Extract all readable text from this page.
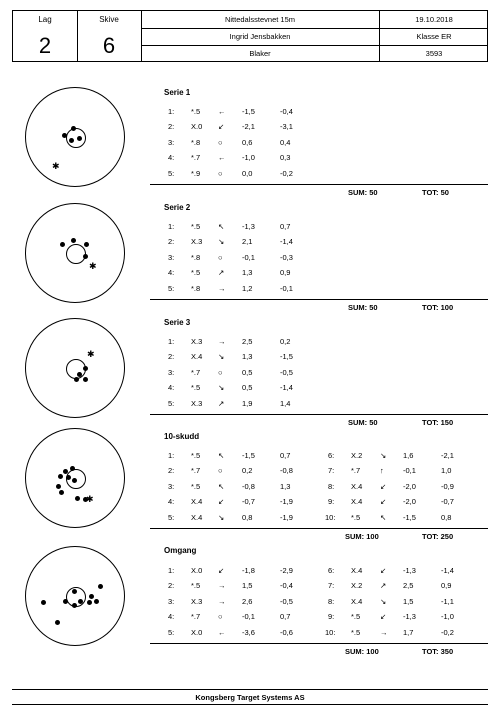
Lag
2
Skive
6
Nittedalsstevnet 15m	19.10.2018
Ingrid Jensbakken	Klasse ER
Blaker	3593
✱
✱
✱
✱
Serie 1
1: *.5 ← -1,5	-0,4
2: X.0 ↙ -2,1	-3,1
3: *.8 ○	0,6	0,4
4: *.7 ← -1,0	0,3
5: *.9 ○	0,0	-0,2
SUM: 50	TOT: 50
Serie 2
1: *.5 ↖ -1,3	0,7
2: X.3 ↘ 2,1	-1,4
3: *.8 ○	-0,1	-0,3
4: *.5 ↗ 1,3	0,9
5: *.8 → 1,2	-0,1
SUM: 50	TOT: 100
Serie 3
1: X.3 → 2,5	0,2
2: X.4 ↘ 1,3	-1,5
3: *.7 ○	0,5	-0,5
4: *.5 ↘ 0,5	-1,4
5: X.3 ↗ 1,9	1,4
SUM: 50	TOT: 150
10-skudd
1: *.5 ↖ -1,5	0,7	6: X.2 ↘ 1,6	-2,1
2: *.7 ○	0,2	-0,8	7: *.7	↑	-0,1	1,0
3: *.5 ↖ -0,8	1,3	8: X.4 ↙ -2,0	-0,9
4: X.4 ↙ -0,7	-1,9	9: X.4 ↙ -2,0	-0,7
5: X.4 ↘ 0,8	-1,9	10: *.5	↖ -1,5	0,8
SUM: 100	TOT: 250
Omgang
1: X.0 ↙ -1,8	-2,9	6: X.4 ↙ -1,3	-1,4
2: *.5 → 1,5	-0,4	7: X.2 ↗ 2,5	0,9
3: X.3 → 2,6	-0,5	8: X.4 ↘ 1,5	-1,1
4: *.7 ○	-0,1	0,7	9: *.5	↙ -1,3	-1,0
5: X.0 ← -3,6	-0,6	10: *.5	→ 1,7	-0,2
SUM: 100	TOT: 350
Kongsberg Target Systems AS
